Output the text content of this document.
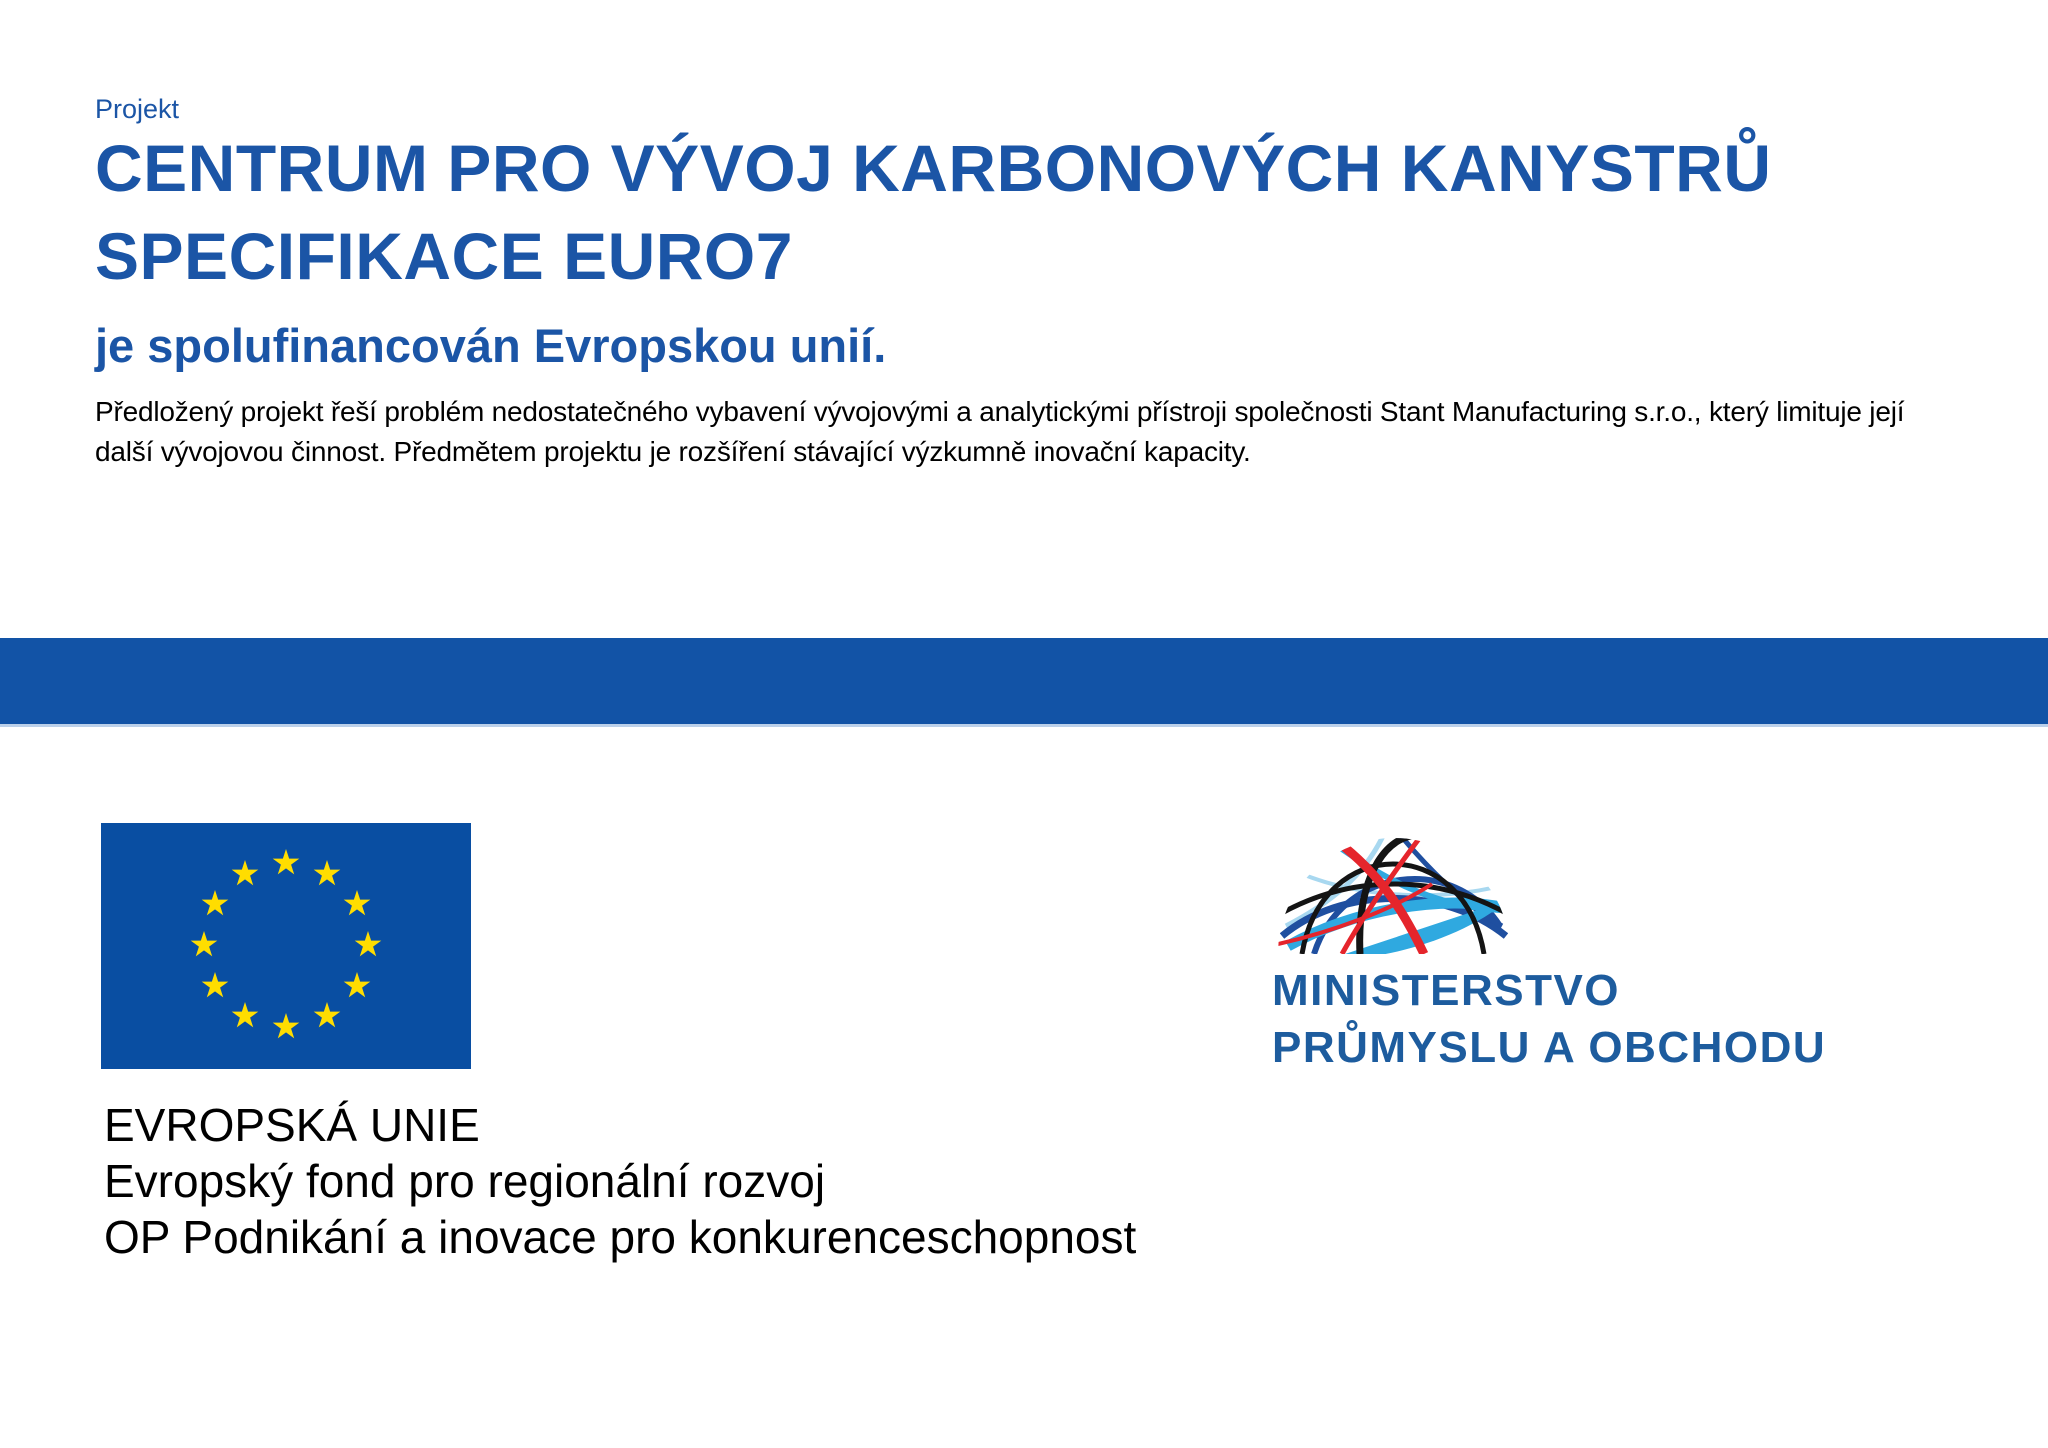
Projekt
CENTRUM PRO VÝVOJ KARBONOVÝCH KANYSTRŮ
SPECIFIKACE EURO7
je spolufinancován Evropskou unií.
Předložený projekt řeší problém nedostatečného vybavení vývojovými a analytickými přístroji společnosti Stant Manufacturing s.r.o., který limituje její
další vývojovou činnost. Předmětem projektu je rozšíření stávající výzkumně inovační kapacity.
EVROPSKÁ UNIE
Evropský fond pro regionální rozvoj
OP Podnikání a inovace pro konkurenceschopnost
MINISTERSTVO
PRŮMYSLU A OBCHODU
